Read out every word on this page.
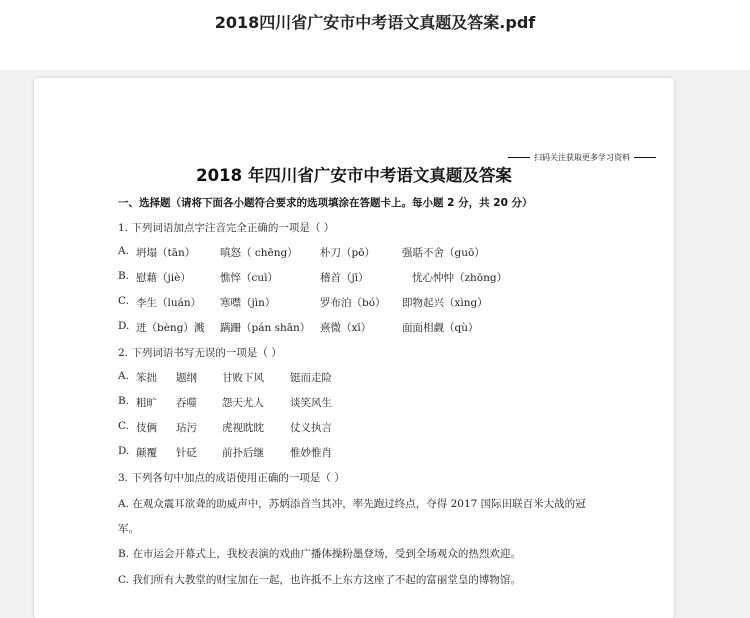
2018四川省广安市中考语文真题及答案.pdf
扫码关注获取更多学习资料
2018 年四川省广安市中考语文真题及答案
一、选择题（请将下面各小题符合要求的选项填涂在答题卡上。每小题 2 分，共 20 分）
1. 下列词语加点字注音完全正确的一项是（ ）
A. 坍塌（tān） 嗔怒（ chēng） 朴刀（pō）	强聒不舍（guō）
B. 慰藉（jiè）	憔悴（cuì）	稽首（jī）	忧心忡忡（zhōng）
C. 李生（luán） 寒噤（jìn）	罗布泊（bó） 即物起兴（xìng）
D. 迸（bèng）溅 蹒跚（pán shān） 熹微（xī）	面面相觑（qù）
2. 下列词语书写无误的一项是（ ）
A. 笨拙 题纲 甘败下风 铤而走险
B. 粗旷 吞噬 怨天尤人 谈笑风生
C. 伎俩 玷污 虎视眈眈 仗义执言
D. 颠覆 针砭 前扑后继 惟妙惟肖
3. 下列各句中加点的成语使用正确的一项是（ ）
A. 在观众震耳欲聋的助威声中，苏炳添首当其冲，率先跑过终点，夺得 2017 国际田联百米大战的冠
军。
B. 在市运会开幕式上，我校表演的戏曲广播体操粉墨登场，受到全场观众的热烈欢迎。
C. 我们所有大教堂的财宝加在一起，也许抵不上东方这座了不起的富丽堂皇的博物馆。
